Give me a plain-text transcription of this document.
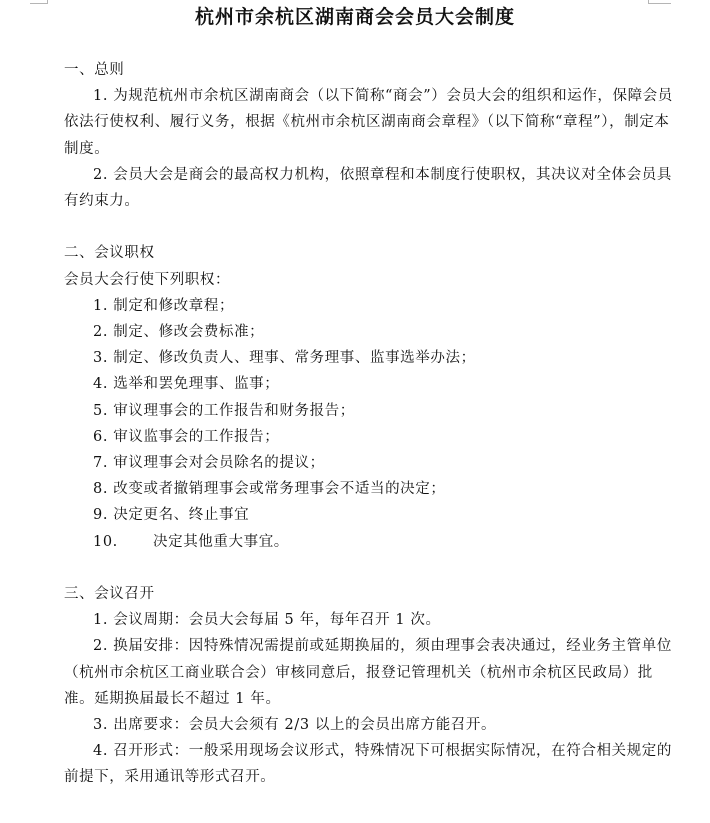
杭州市余杭区湖南商会会员大会制度

一、总则

1. 为规范杭州市余杭区湖南商会（以下简称“商会”）会员大会的组织和运作，保障会员依法行使权利、履行义务，根据《杭州市余杭区湖南商会章程》（以下简称“章程”），制定本制度。

2. 会员大会是商会的最高权力机构，依照章程和本制度行使职权，其决议对全体会员具有约束力。

二、会议职权

会员大会行使下列职权：

1. 制定和修改章程；

2. 制定、修改会费标准；

3. 制定、修改负责人、理事、常务理事、监事选举办法；

4. 选举和罢免理事、监事；

5. 审议理事会的工作报告和财务报告；

6. 审议监事会的工作报告；

7. 审议理事会对会员除名的提议；

8. 改变或者撤销理事会或常务理事会不适当的决定；

9. 决定更名、终止事宜

10. 决定其他重大事宜。

三、会议召开

1. 会议周期：会员大会每届 5 年，每年召开 1 次。

2. 换届安排：因特殊情况需提前或延期换届的，须由理事会表决通过，经业务主管单位（杭州市余杭区工商业联合会）审核同意后，报登记管理机关（杭州市余杭区民政局）批准。延期换届最长不超过 1 年。

3. 出席要求：会员大会须有 2/3 以上的会员出席方能召开。

4. 召开形式：一般采用现场会议形式，特殊情况下可根据实际情况，在符合相关规定的前提下，采用通讯等形式召开。
